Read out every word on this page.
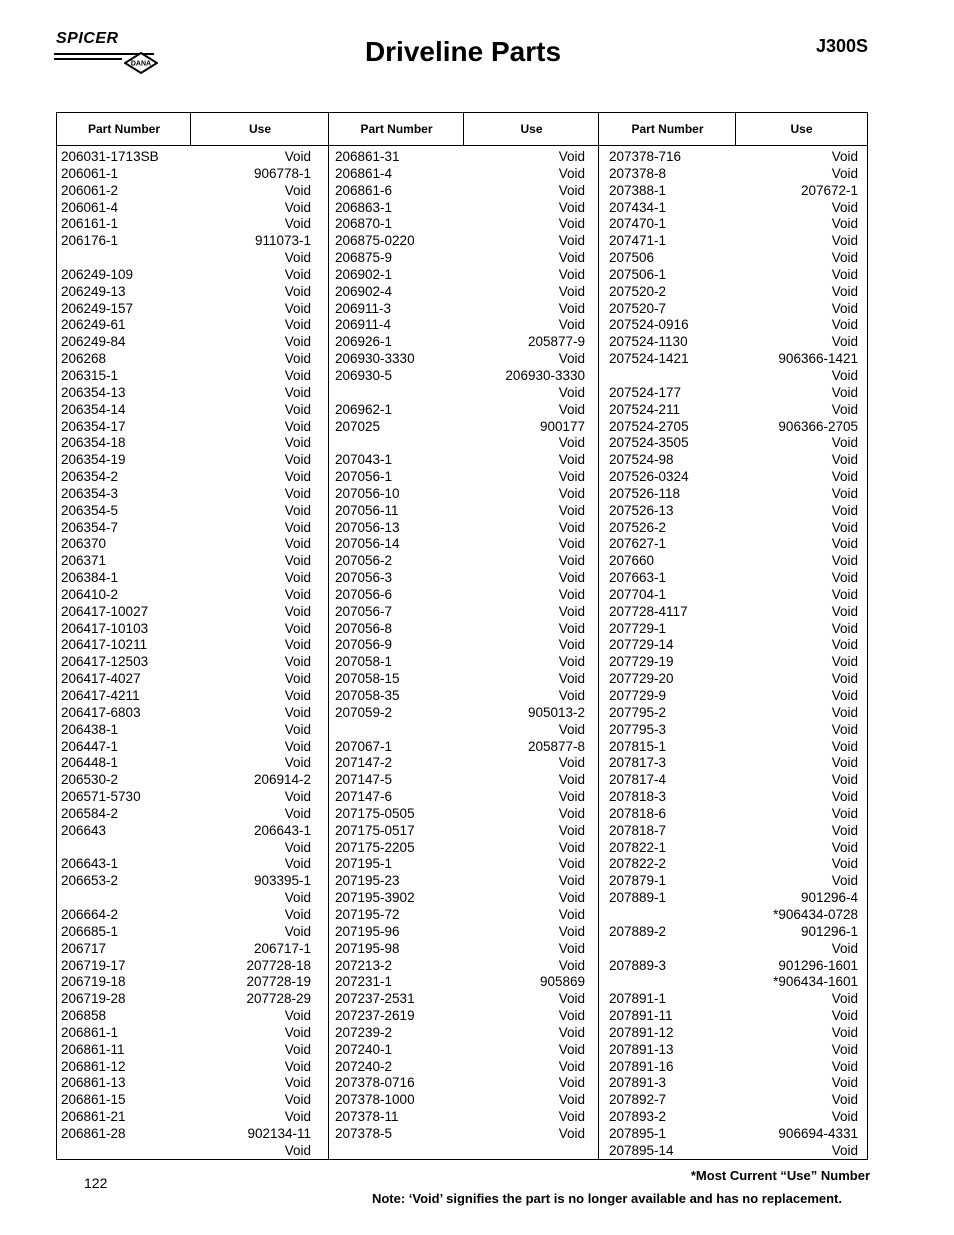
SPICER
DANA	Driveline Parts	J300S
Part Number	Use	Part Number	Use	Part Number	Use
206031-1713SB	Void
206061-1	906778-1
206061-2	Void
206061-4	Void
206161-1	Void
206176-1	911073-1
Void
206249-109	Void
206249-13	Void
206249-157	Void
206249-61	Void
206249-84	Void
206268	Void
206315-1	Void
206354-13	Void
206354-14	Void
206354-17	Void
206354-18	Void
206354-19	Void
206354-2	Void
206354-3	Void
206354-5	Void
206354-7	Void
206370	Void
206371	Void
206384-1	Void
206410-2	Void
206417-10027	Void
206417-10103	Void
206417-10211	Void
206417-12503	Void
206417-4027	Void
206417-4211	Void
206417-6803	Void
206438-1	Void
206447-1	Void
206448-1	Void
206530-2	206914-2
206571-5730	Void
206584-2	Void
206643	206643-1
Void
206643-1	Void
206653-2	903395-1
Void
206664-2	Void
206685-1	Void
206717	206717-1
206719-17	207728-18
206719-18	207728-19
206719-28	207728-29
206858	Void
206861-1	Void
206861-11	Void
206861-12	Void
206861-13	Void
206861-15	Void
206861-21	Void
206861-28	902134-11
Void
206861-31	Void
206861-4	Void
206861-6	Void
206863-1	Void
206870-1	Void
206875-0220	Void
206875-9	Void
206902-1	Void
206902-4	Void
206911-3	Void
206911-4	Void
206926-1	205877-9
206930-3330	Void
206930-5	206930-3330
Void
206962-1	Void
207025	900177
Void
207043-1	Void
207056-1	Void
207056-10	Void
207056-11	Void
207056-13	Void
207056-14	Void
207056-2	Void
207056-3	Void
207056-6	Void
207056-7	Void
207056-8	Void
207056-9	Void
207058-1	Void
207058-15	Void
207058-35	Void
207059-2	905013-2
Void
207067-1	205877-8
207147-2	Void
207147-5	Void
207147-6	Void
207175-0505	Void
207175-0517	Void
207175-2205	Void
207195-1	Void
207195-23	Void
207195-3902	Void
207195-72	Void
207195-96	Void
207195-98	Void
207213-2	Void
207231-1	905869
207237-2531	Void
207237-2619	Void
207239-2	Void
207240-1	Void
207240-2	Void
207378-0716	Void
207378-1000	Void
207378-11	Void
207378-5	Void
207378-716	Void
207378-8	Void
207388-1	207672-1
207434-1	Void
207470-1	Void
207471-1	Void
207506	Void
207506-1	Void
207520-2	Void
207520-7	Void
207524-0916	Void
207524-1130	Void
207524-1421	906366-1421
Void
207524-177	Void
207524-211	Void
207524-2705	906366-2705
207524-3505	Void
207524-98	Void
207526-0324	Void
207526-118	Void
207526-13	Void
207526-2	Void
207627-1	Void
207660	Void
207663-1	Void
207704-1	Void
207728-4117	Void
207729-1	Void
207729-14	Void
207729-19	Void
207729-20	Void
207729-9	Void
207795-2	Void
207795-3	Void
207815-1	Void
207817-3	Void
207817-4	Void
207818-3	Void
207818-6	Void
207818-7	Void
207822-1	Void
207822-2	Void
207879-1	Void
207889-1	901296-4
*906434-0728
207889-2	901296-1
Void
207889-3	901296-1601
*906434-1601
207891-1	Void
207891-11	Void
207891-12	Void
207891-13	Void
207891-16	Void
207891-3	Void
207892-7	Void
207893-2	Void
207895-1	906694-4331
207895-14	Void
122	*Most Current “Use” Number
Note: ‘Void’ signifies the part is no longer available and has no replacement.
